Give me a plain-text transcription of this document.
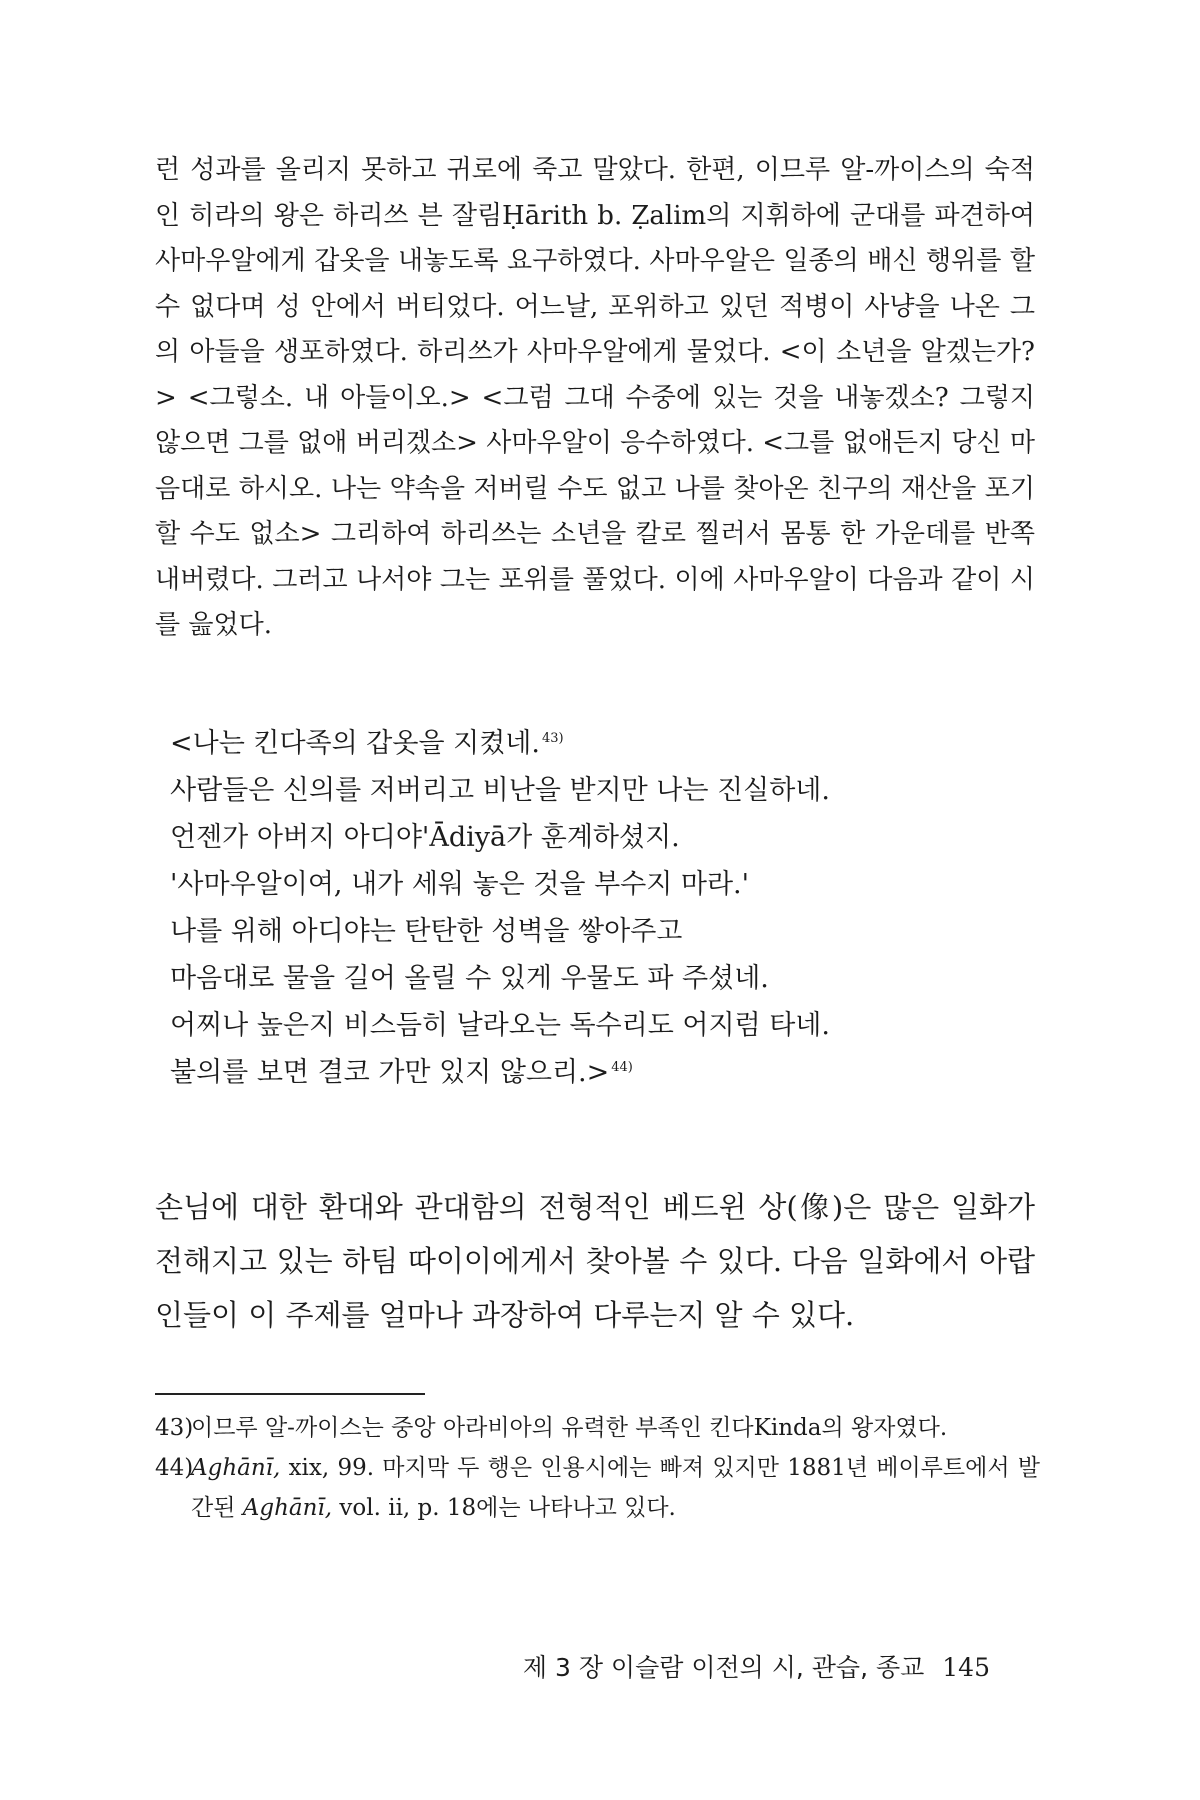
런 성과를 올리지 못하고 귀로에 죽고 말았다. 한편, 이므루 알-까이스의 숙적인 히라의 왕은 하리쓰 븐 잘림Ḥārith b. Ẓalim의 지휘하에 군대를 파견하여 사마우알에게 갑옷을 내놓도록 요구하였다. 사마우알은 일종의 배신 행위를 할 수 없다며 성 안에서 버티었다. 어느날, 포위하고 있던 적병이 사냥을 나온 그의 아들을 생포하였다. 하리쓰가 사마우알에게 물었다. <이 소년을 알겠는가?> <그렇소. 내 아들이오.> <그럼 그대 수중에 있는 것을 내놓겠소? 그렇지 않으면 그를 없애 버리겠소> 사마우알이 응수하였다. <그를 없애든지 당신 마음대로 하시오. 나는 약속을 저버릴 수도 없고 나를 찾아온 친구의 재산을 포기할 수도 없소> 그리하여 하리쓰는 소년을 칼로 찔러서 몸통 한 가운데를 반쪽 내버렸다. 그러고 나서야 그는 포위를 풀었다. 이에 사마우알이 다음과 같이 시를 읊었다.

<나는 킨다족의 갑옷을 지켰네. $^{43)}$
사람들은 신의를 저버리고 비난을 받지만 나는 진실하네.
언젠가 아버지 아디야'Ādiyā가 훈계하셨지.
'사마우알이여, 내가 세워 놓은 것을 부수지 마라.'
나를 위해 아디야는 탄탄한 성벽을 쌓아주고
마음대로 물을 길어 올릴 수 있게 우물도 파 주셨네.
어찌나 높은지 비스듬히 날라오는 독수리도 어지럼 타네.
불의를 보면 결코 가만 있지 않으리.> $^{44)}$

손님에 대한 환대와 관대함의 전형적인 베드윈 상(像)은 많은 일화가 전해지고 있는 하팀 따이이에게서 찾아볼 수 있다. 다음 일화에서 아랍인들이 이 주제를 얼마나 과장하여 다루는지 알 수 있다.

43)
이므루 알-까이스는 중앙 아라비아의 유력한 부족인 킨다Kinda의 왕자였다.
44)
Aghānī, xix, 99. 마지막 두 행은 인용시에는 빠져 있지만 1881년 베이루트에서 발간된 Aghānī, vol. ii, p. 18에는 나타나고 있다.
제 3 장 이슬람 이전의 시, 관습, 종교 145
